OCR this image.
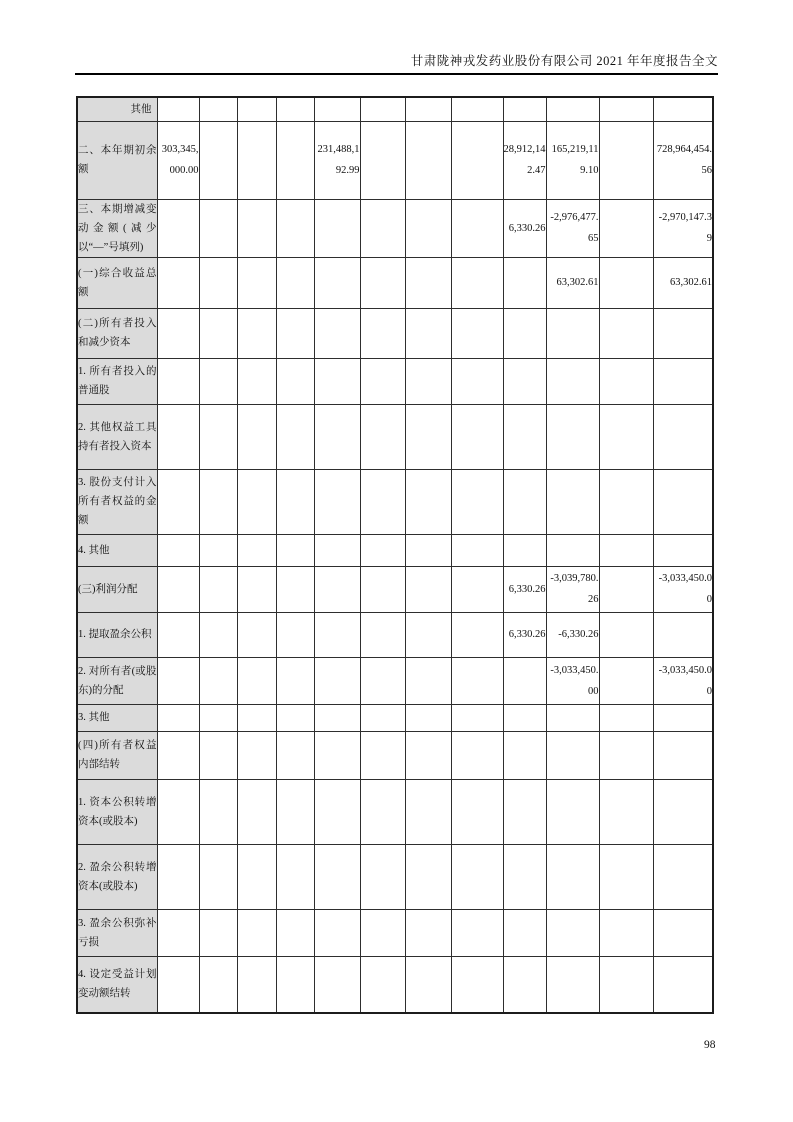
甘肃陇神戎发药业股份有限公司 2021 年年度报告全文
其他												
二、本年期初余额	303,345,000.00				231,488,192.99				28,912,142.47	165,219,119.10		728,964,454.56
三、本期增减变动金额(减少以“—”号填列)									6,330.26	-2,976,477.65		-2,970,147.39
(一)综合收益总额										63,302.61		63,302.61
(二)所有者投入和减少资本												
1. 所有者投入的普通股												
2. 其他权益工具持有者投入资本												
3. 股份支付计入所有者权益的金额												
4. 其他												
(三)利润分配									6,330.26	-3,039,780.26		-3,033,450.00
1. 提取盈余公积									6,330.26	-6,330.26		
2. 对所有者(或股东)的分配										-3,033,450.00		-3,033,450.00
3. 其他												
(四)所有者权益内部结转												
1. 资本公积转增资本(或股本)												
2. 盈余公积转增资本(或股本)												
3. 盈余公积弥补亏损												
4. 设定受益计划变动额结转												
98
